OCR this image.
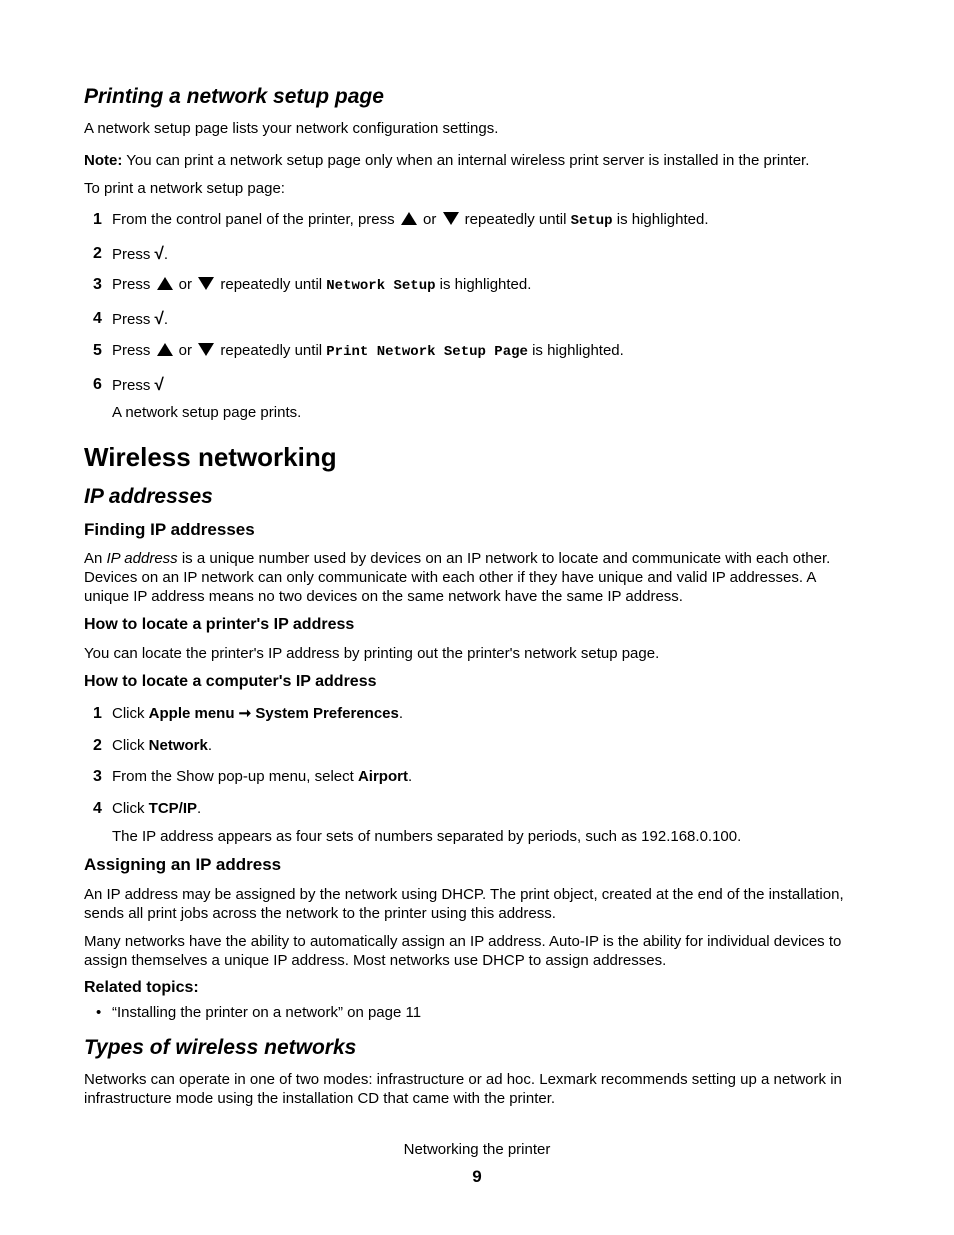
Printing a network setup page

A network setup page lists your network configuration settings.

Note: You can print a network setup page only when an internal wireless print server is installed in the printer.

To print a network setup page:

1 From the control panel of the printer, press  or  repeatedly until Setup is highlighted.
2 Press √.
3 Press  or  repeatedly until Network Setup is highlighted.
4 Press √.
5 Press  or  repeatedly until Print Network Setup Page is highlighted.
6 Press √

A network setup page prints.

Wireless networking
IP addresses
Finding IP addresses
An IP address is a unique number used by devices on an IP network to locate and communicate with each other.
Devices on an IP network can only communicate with each other if they have unique and valid IP addresses. A
unique IP address means no two devices on the same network have the same IP address.
How to locate a printer's IP address

You can locate the printer's IP address by printing out the printer's network setup page.

How to locate a computer's IP address
1 Click Apple menu ➞ System Preferences.
2 Click Network.
3 From the Show pop-up menu, select Airport.
4 Click TCP/IP.

The IP address appears as four sets of numbers separated by periods, such as 192.168.0.100.

Assigning an IP address
An IP address may be assigned by the network using DHCP. The print object, created at the end of the installation,
sends all print jobs across the network to the printer using this address.
Many networks have the ability to automatically assign an IP address. Auto-IP is the ability for individual devices to
assign themselves a unique IP address. Most networks use DHCP to assign addresses.
Related topics:
• “Installing the printer on a network” on page 11
Types of wireless networks
Networks can operate in one of two modes: infrastructure or ad hoc. Lexmark recommends setting up a network in
infrastructure mode using the installation CD that came with the printer.
Networking the printer
9
